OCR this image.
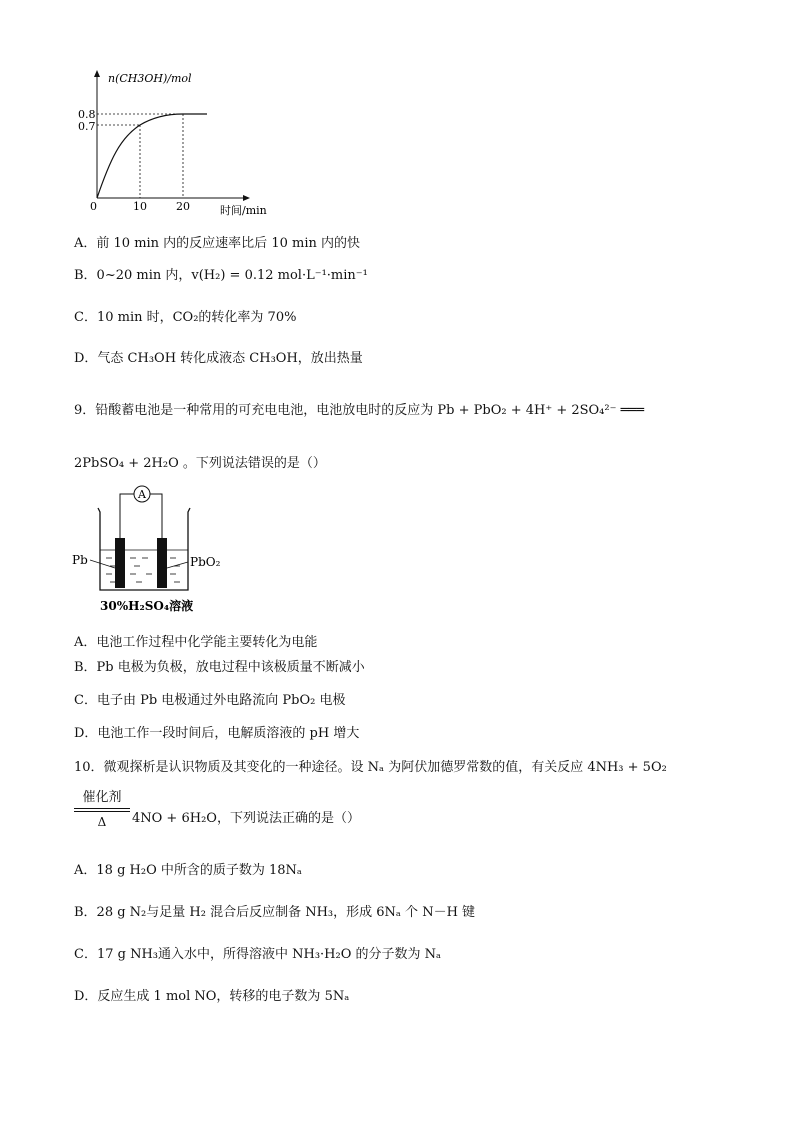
n(CH3OH)/mol
0.8
0.7
0	10	20	时间/min
A．前 10 min 内的反应速率比后 10 min 内的快
B．0~20 min 内，v(H₂) = 0.12 mol·L⁻¹·min⁻¹
C．10 min 时，CO₂的转化率为 70%
D．气态 CH₃OH 转化成液态 CH₃OH，放出热量
9．铅酸蓄电池是一种常用的可充电电池，电池放电时的反应为 Pb + PbO₂ + 4H⁺ + 2SO₄²⁻ ═══
2PbSO₄ + 2H₂O 。下列说法错误的是（）
A
Pb	PbO₂
30%H₂SO₄溶液
A．电池工作过程中化学能主要转化为电能
B．Pb 电极为负极，放电过程中该极质量不断减小
C．电子由 Pb 电极通过外电路流向 PbO₂ 电极
D．电池工作一段时间后，电解质溶液的 pH 增大
10．微观探析是认识物质及其变化的一种途径。设 Nₐ 为阿伏加德罗常数的值，有关反应 4NH₃ + 5O₂
催化剂
Δ	4NO + 6H₂O，下列说法正确的是（）
A．18 g H₂O 中所含的质子数为 18Nₐ
B．28 g N₂与足量 H₂ 混合后反应制备 NH₃，形成 6Nₐ 个 N－H 键
C．17 g NH₃通入水中，所得溶液中 NH₃·H₂O 的分子数为 Nₐ
D．反应生成 1 mol NO，转移的电子数为 5Nₐ
